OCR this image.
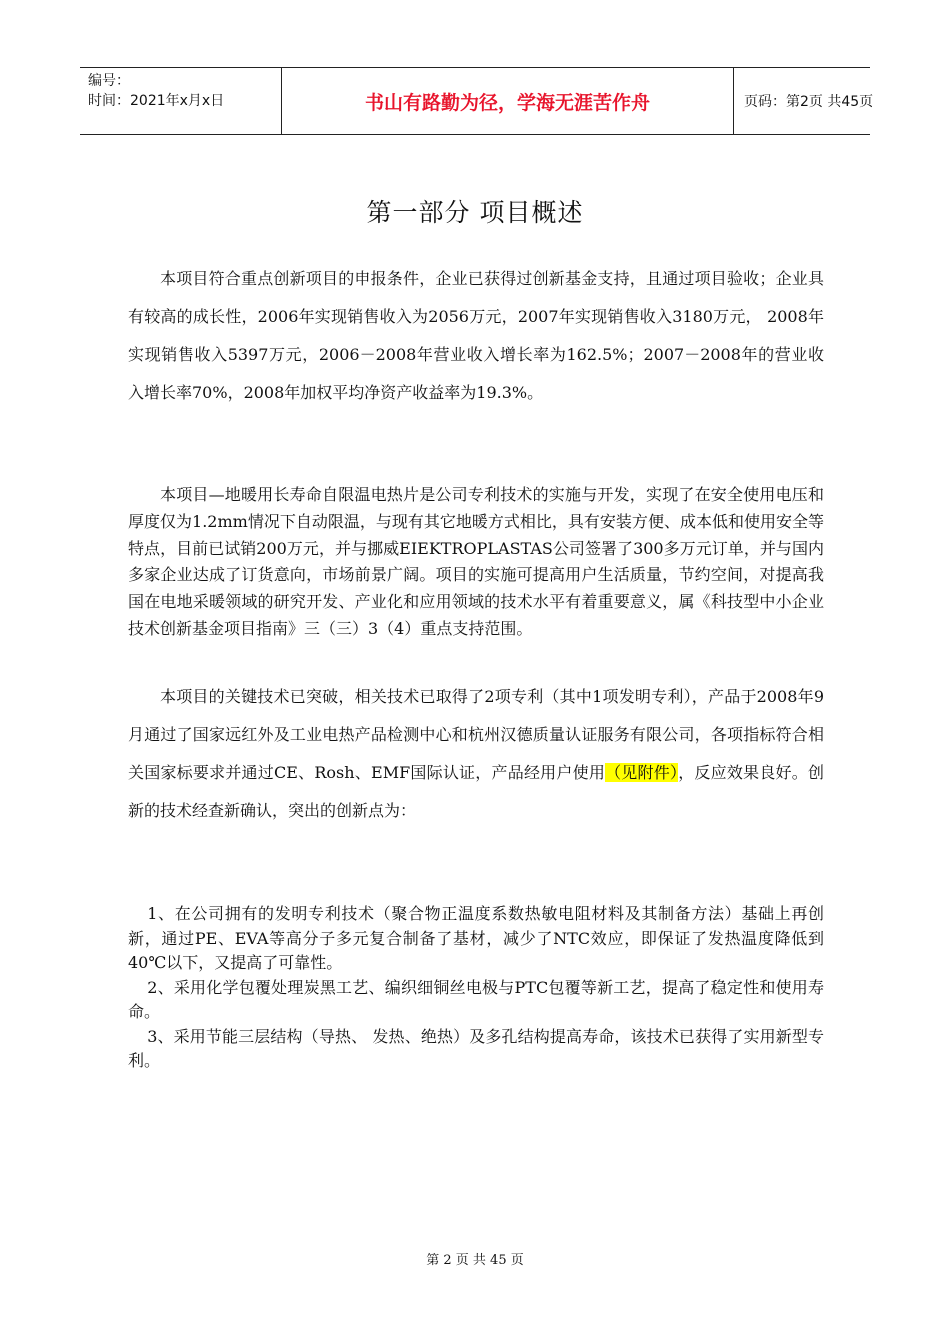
编号：
时间：2021年x月x日	书山有路勤为径，学海无涯苦作舟	页码：第2页 共45页
第一部分 项目概述

本项目符合重点创新项目的申报条件，企业已获得过创新基金支持，且通过项目验收；企业具有较高的成长性，2006年实现销售收入为2056万元，2007年实现销售收入3180万元， 2008年实现销售收入5397万元，2006－2008年营业收入增长率为162.5%；2007－2008年的营业收入增长率70%，2008年加权平均净资产收益率为19.3%。

本项目—地暖用长寿命自限温电热片是公司专利技术的实施与开发，实现了在安全使用电压和厚度仅为1.2mm情况下自动限温，与现有其它地暖方式相比，具有安装方便、成本低和使用安全等特点，目前已试销200万元，并与挪威EIEKTROPLASTAS公司签署了300多万元订单，并与国内多家企业达成了订货意向，市场前景广阔。项目的实施可提高用户生活质量，节约空间，对提高我国在电地采暖领域的研究开发、产业化和应用领域的技术水平有着重要意义，属《科技型中小企业技术创新基金项目指南》三（三）3（4）重点支持范围。

本项目的关键技术已突破，相关技术已取得了2项专利（其中1项发明专利），产品于2008年9月通过了国家远红外及工业电热产品检测中心和杭州汉德质量认证服务有限公司，各项指标符合相关国家标要求并通过CE、Rosh、EMF国际认证，产品经用户使用（见附件），反应效果良好。创新的技术经查新确认，突出的创新点为：

1、在公司拥有的发明专利技术（聚合物正温度系数热敏电阻材料及其制备方法）基础上再创新，通过PE、EVA等高分子多元复合制备了基材，减少了NTC效应，即保证了发热温度降低到40℃以下，又提高了可靠性。

2、采用化学包覆处理炭黑工艺、编织细铜丝电极与PTC包覆等新工艺，提高了稳定性和使用寿命。

3、采用节能三层结构（导热、 发热、绝热）及多孔结构提高寿命，该技术已获得了实用新型专利。

第 2 页 共 45 页
